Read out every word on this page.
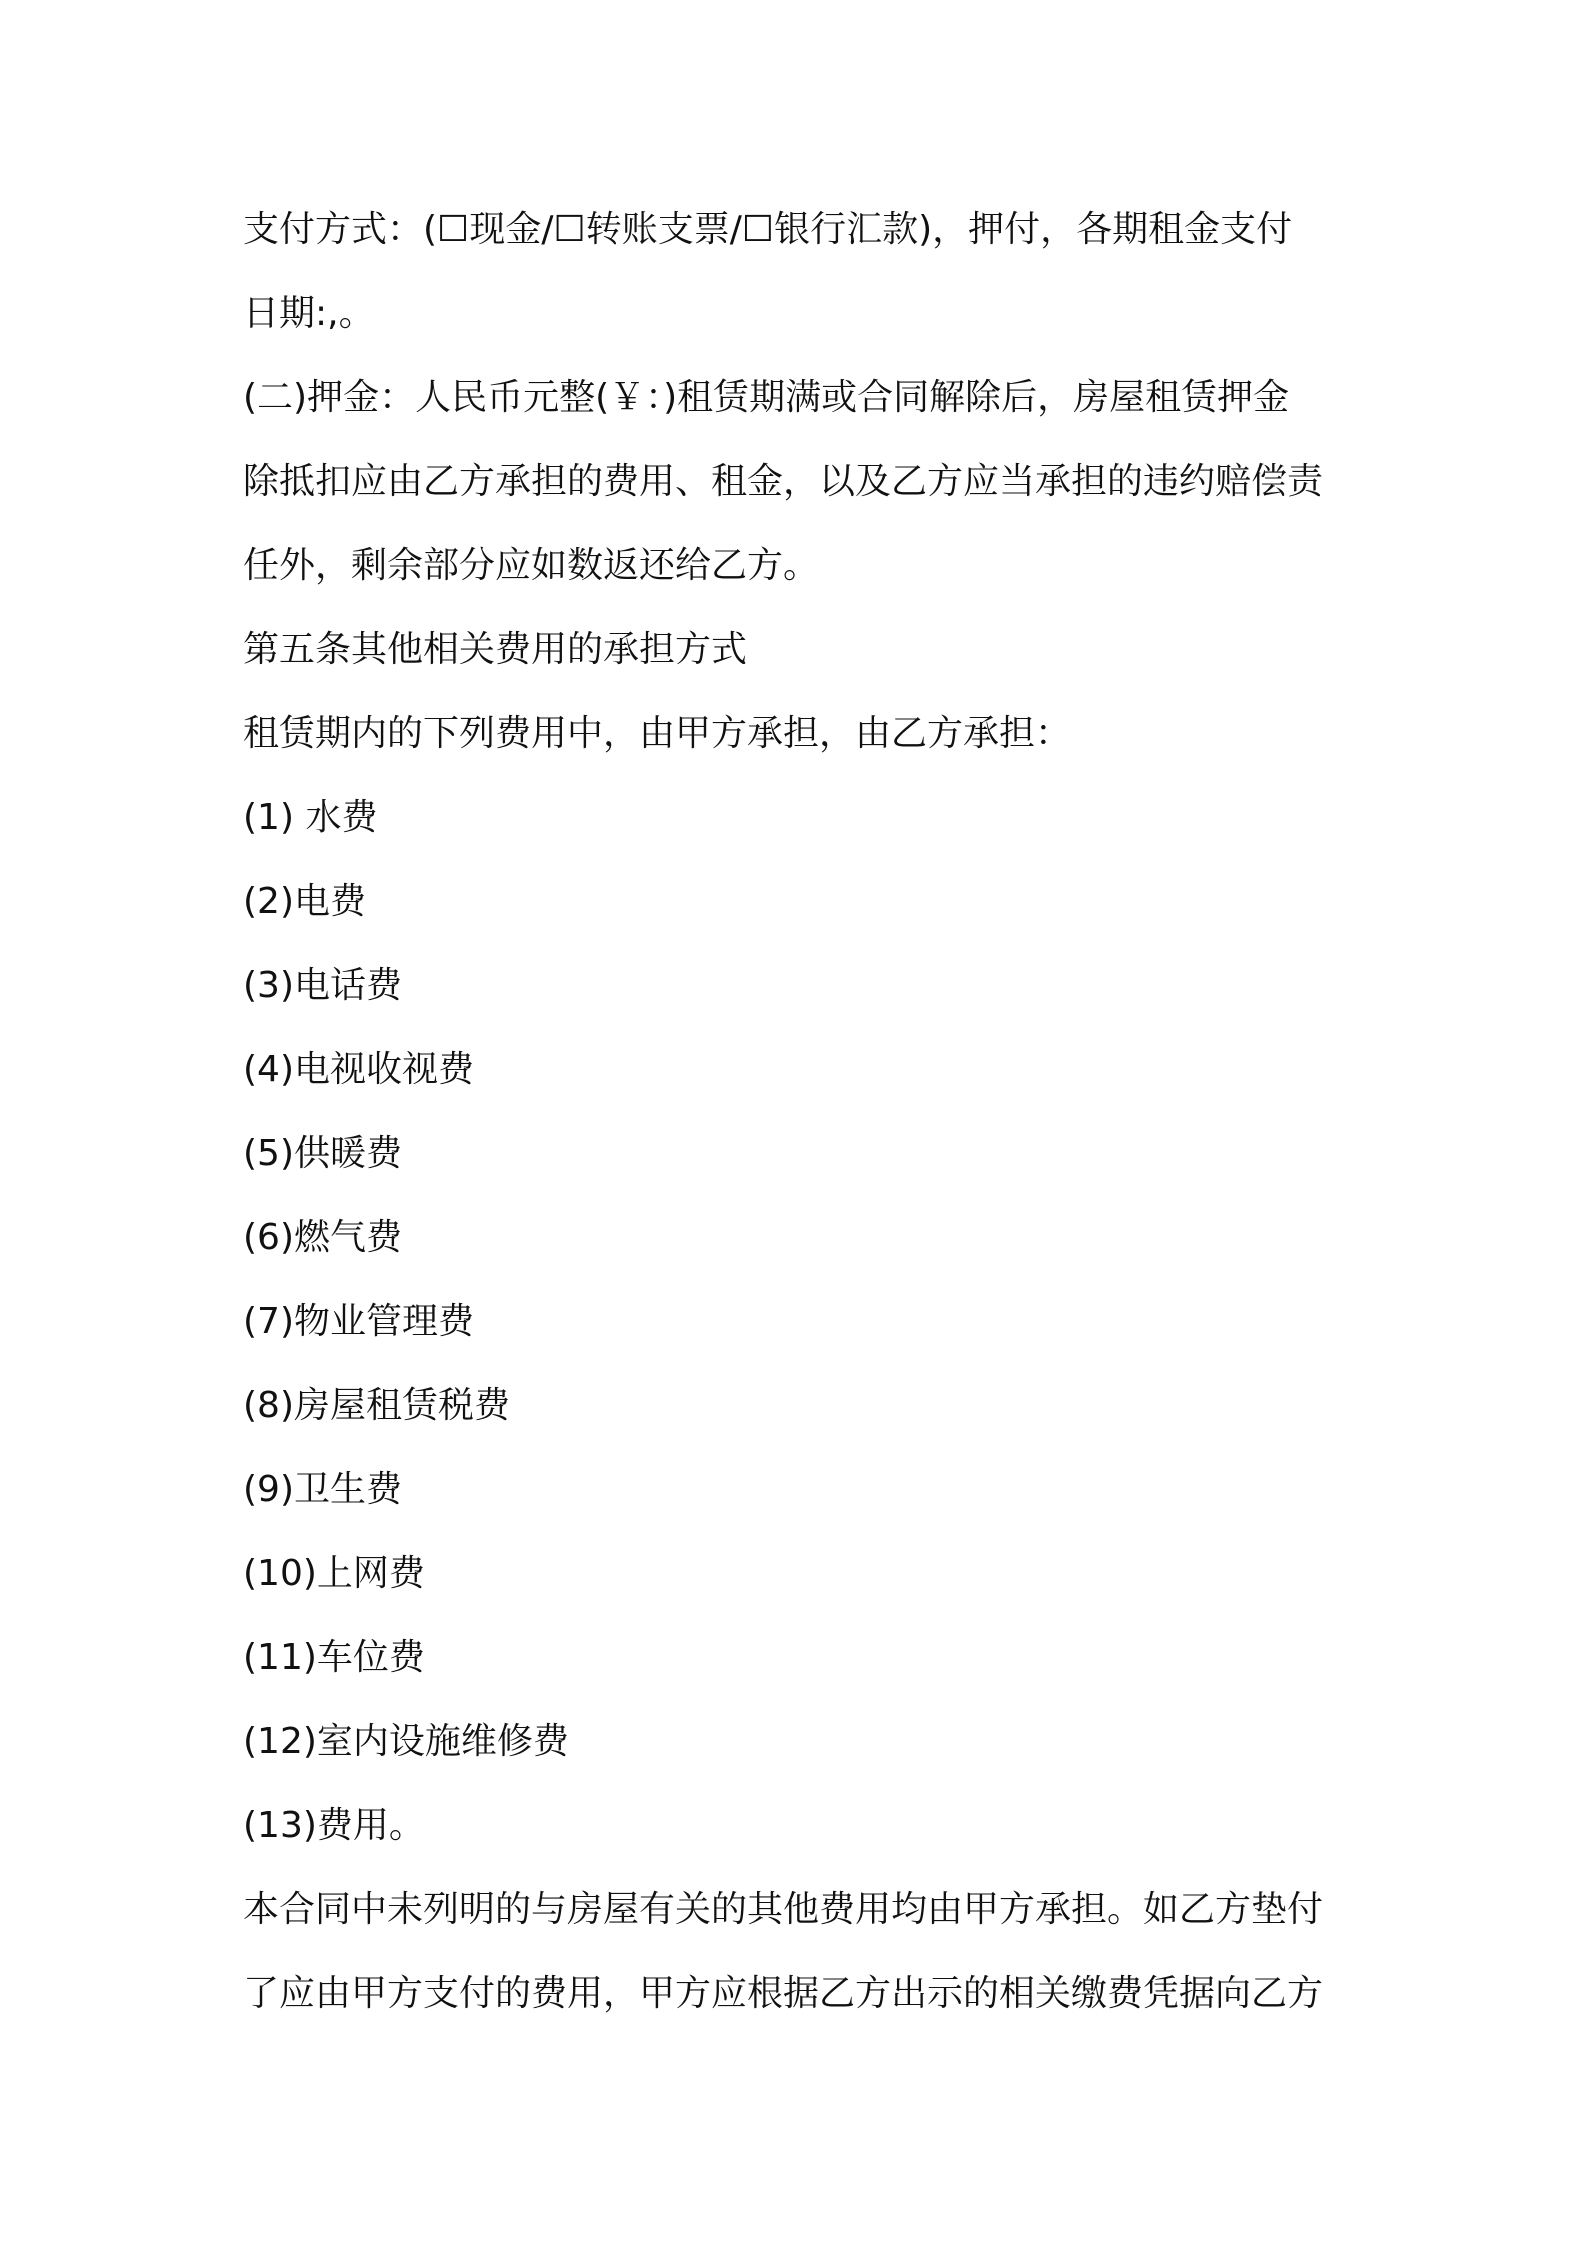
支付方式：(☐现金/☐转账支票/☐银行汇款)，押付，各期租金支付
日期:,。
(二)押金：人民币元整(￥：)租赁期满或合同解除后，房屋租赁押金
除抵扣应由乙方承担的费用、租金，以及乙方应当承担的违约赔偿责
任外，剩余部分应如数返还给乙方。
第五条其他相关费用的承担方式
租赁期内的下列费用中，由甲方承担，由乙方承担：
(1) 水费
(2)电费
(3)电话费
(4)电视收视费
(5)供暖费
(6)燃气费
(7)物业管理费
(8)房屋租赁税费
(9)卫生费
(10)上网费
(11)车位费
(12)室内设施维修费
(13)费用。
本合同中未列明的与房屋有关的其他费用均由甲方承担。如乙方垫付
了应由甲方支付的费用，甲方应根据乙方出示的相关缴费凭据向乙方
